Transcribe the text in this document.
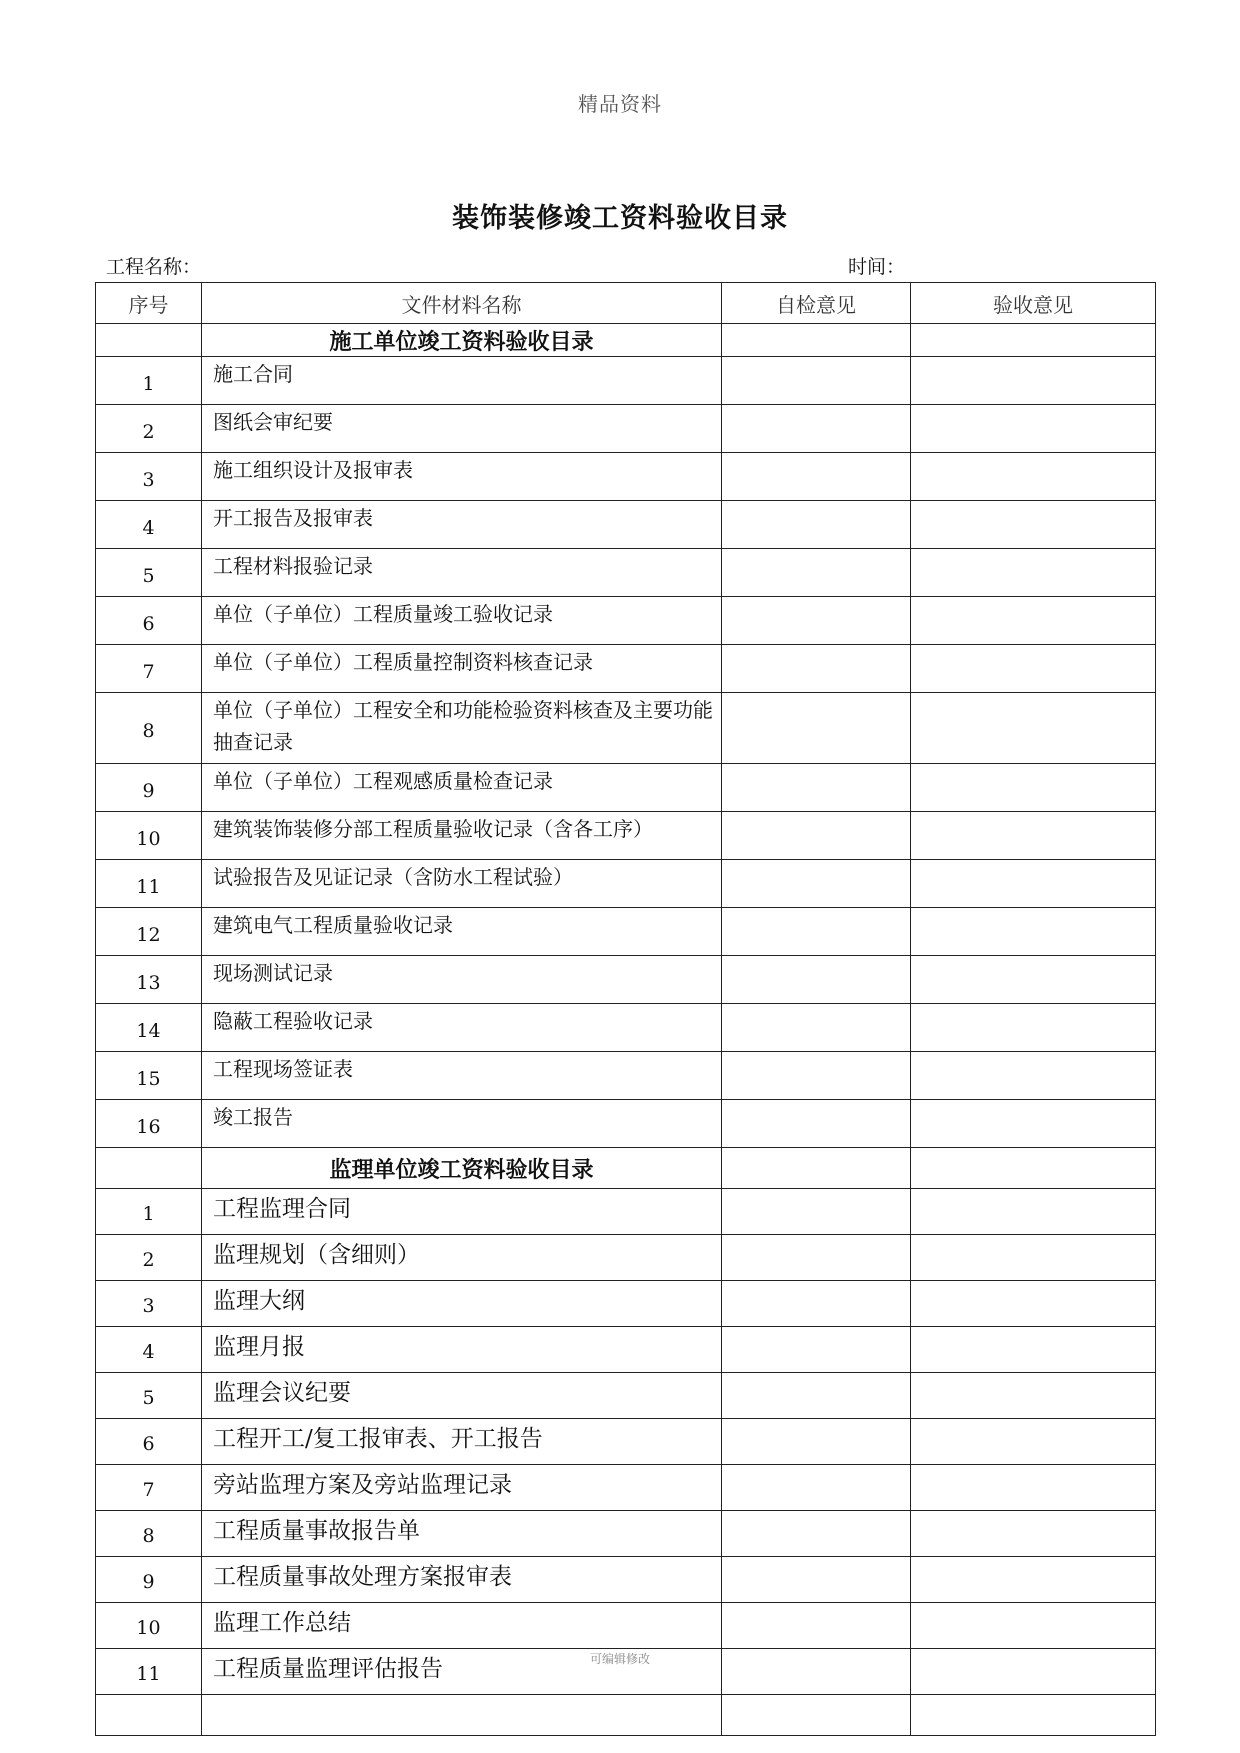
精品资料
装饰装修竣工资料验收目录
工程名称：	时间：
序号	文件材料名称	自检意见	验收意见
	施工单位竣工资料验收目录		
1	施工合同		
2	图纸会审纪要		
3	施工组织设计及报审表		
4	开工报告及报审表		
5	工程材料报验记录		
6	单位（子单位）工程质量竣工验收记录		
7	单位（子单位）工程质量控制资料核查记录		
8	单位（子单位）工程安全和功能检验资料核查及主要功能抽查记录		
9	单位（子单位）工程观感质量检查记录		
10	建筑装饰装修分部工程质量验收记录（含各工序）		
11	试验报告及见证记录（含防水工程试验）		
12	建筑电气工程质量验收记录		
13	现场测试记录		
14	隐蔽工程验收记录		
15	工程现场签证表		
16	竣工报告		
	监理单位竣工资料验收目录		
1	工程监理合同		
2	监理规划（含细则）		
3	监理大纲		
4	监理月报		
5	监理会议纪要		
6	工程开工/复工报审表、开工报告		
7	旁站监理方案及旁站监理记录		
8	工程质量事故报告单		
9	工程质量事故处理方案报审表		
10	监理工作总结		
11	工程质量监理评估报告		
				可编辑修改
